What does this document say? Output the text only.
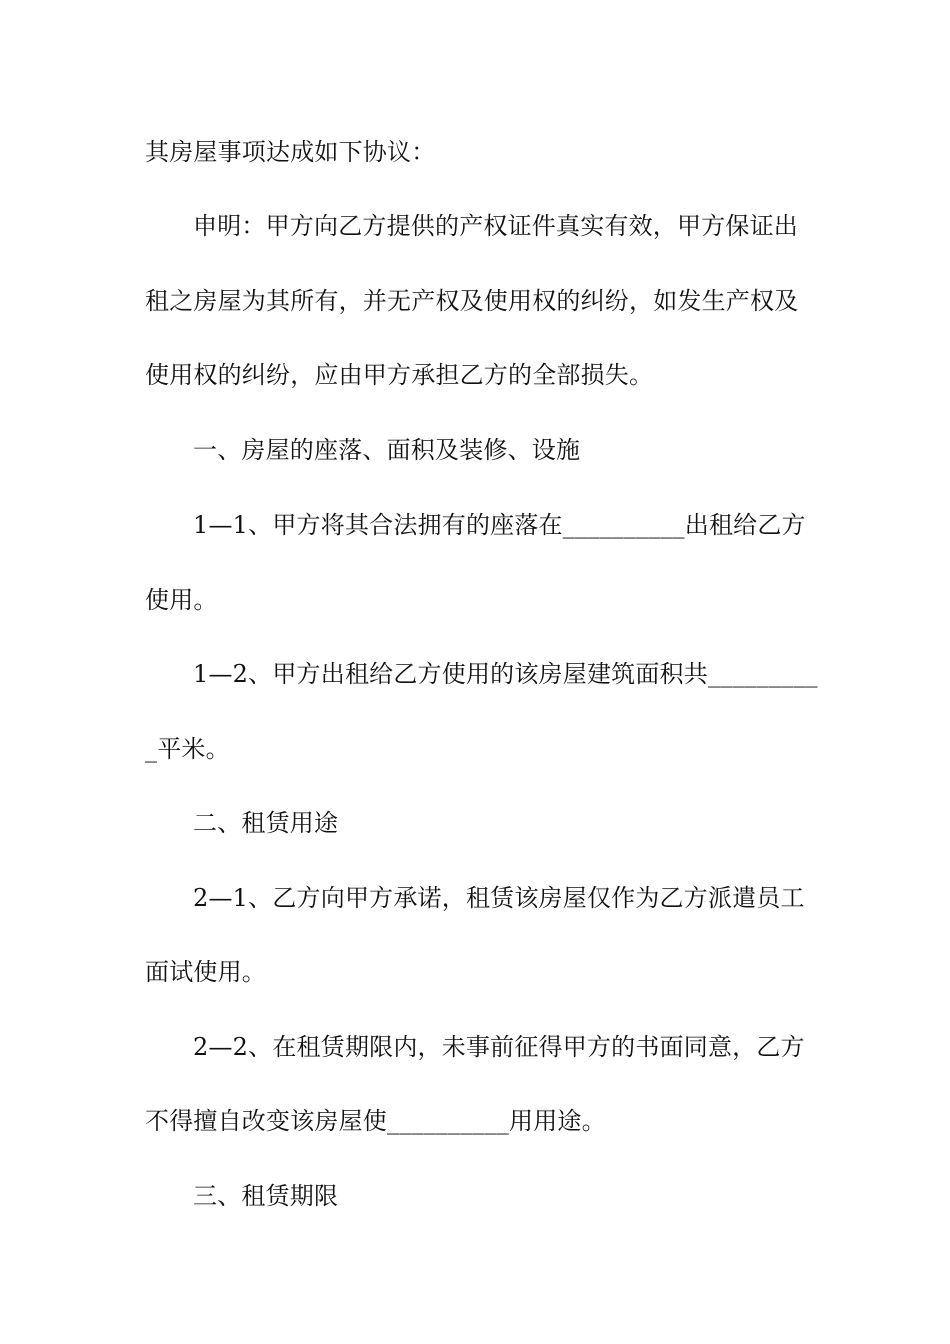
其房屋事项达成如下协议：
申明：甲方向乙方提供的产权证件真实有效，甲方保证出
租之房屋为其所有，并无产权及使用权的纠纷，如发生产权及
使用权的纠纷，应由甲方承担乙方的全部损失。
一、房屋的座落、面积及装修、设施
1—1、甲方将其合法拥有的座落在__________出租给乙方
使用。
1—2、甲方出租给乙方使用的该房屋建筑面积共_________
_平米。
二、租赁用途
2—1、乙方向甲方承诺，租赁该房屋仅作为乙方派遣员工
面试使用。
2—2、在租赁期限内，未事前征得甲方的书面同意，乙方
不得擅自改变该房屋使__________用用途。
三、租赁期限
